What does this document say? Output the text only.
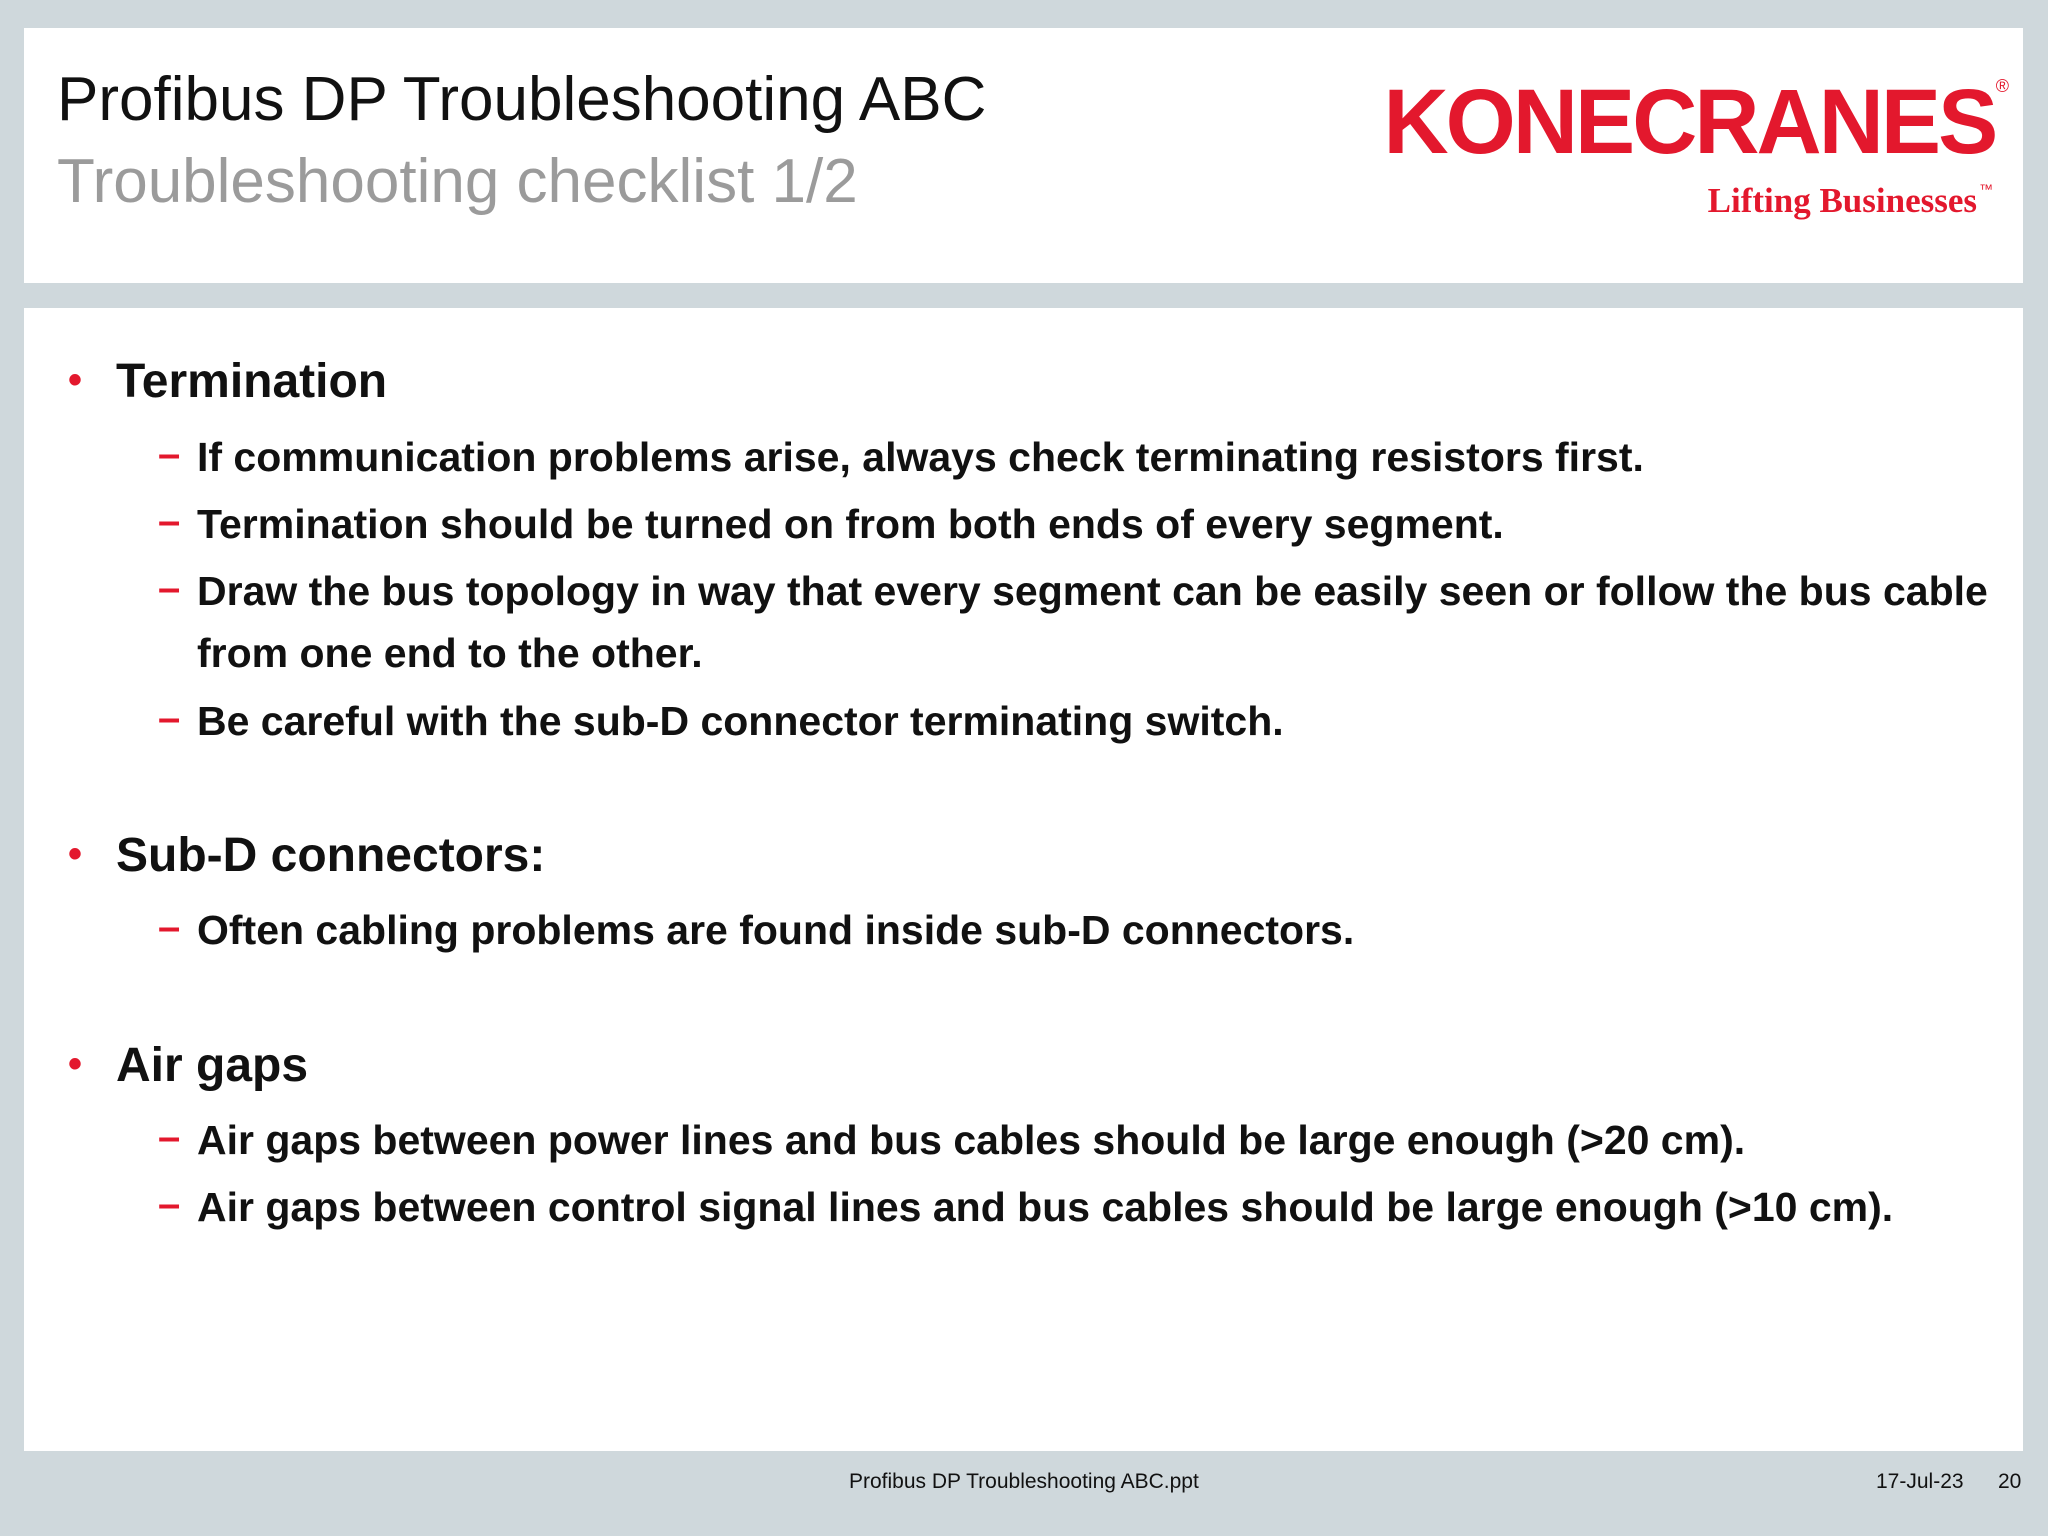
Profibus DP Troubleshooting ABC
Troubleshooting checklist 1/2
KONECRANES ®
Lifting Businesses ™
• Termination
– If communication problems arise, always check terminating resistors first.
– Termination should be turned on from both ends of every segment.
– Draw the bus topology in way that every segment can be easily seen or follow the bus cable from one end to the other.
– Be careful with the sub-D connector terminating switch.
• Sub-D connectors:
– Often cabling problems are found inside sub-D connectors.
• Air gaps
– Air gaps between power lines and bus cables should be large enough (>20 cm).
– Air gaps between control signal lines and bus cables should be large enough (>10 cm).
Profibus DP Troubleshooting ABC.ppt	17-Jul-23 20
